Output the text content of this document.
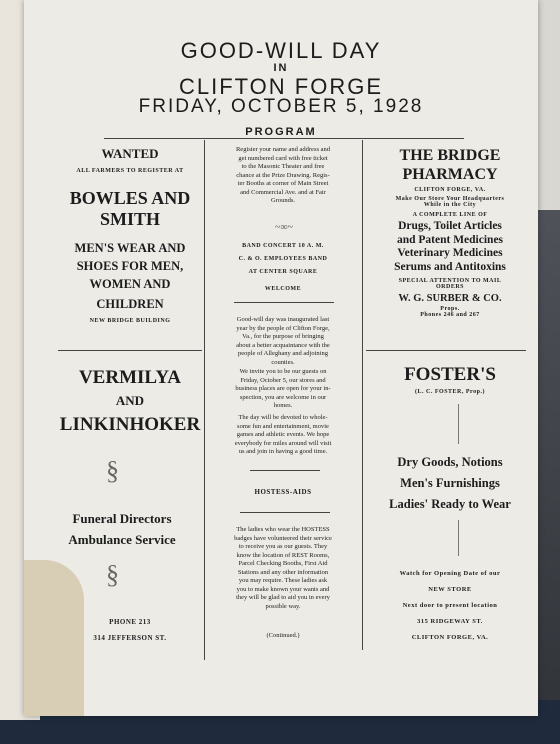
GOOD-WILL DAY
IN
CLIFTON FORGE
FRIDAY, OCTOBER 5, 1928
PROGRAM
WANTED
ALL FARMERS TO REGISTER AT
BOWLES AND
SMITH
MEN'S WEAR AND
SHOES FOR MEN,
WOMEN AND
CHILDREN
NEW BRIDGE BUILDING
VERMILYA
AND
LINKINHOKER
§
Funeral Directors
Ambulance Service
§
PHONE 213
314 JEFFERSON ST.
Register your name and address and
get numbered card with free ticket
to the Masonic Theater and free
chance at the Prize Drawing. Regis-
ter Booths at corner of Main Street
and Commercial Ave. and at Fair
Grounds.
~∞~
BAND CONCERT 10 A. M.
C. & O. EMPLOYEES BAND
AT CENTER SQUARE
WELCOME
Good-will day was inaugurated last
year by the people of Clifton Forge,
Va., for the purpose of bringing
about a better acquaintance with the
people of Alleghany and adjoining
counties.
We invite you to be our guests on
Friday, October 5, our stores and
business places are open for your in-
spection, you are welcome in our
homes.
The day will be devoted to whole-
some fun and entertainment, movie
games and athletic events. We hope
everybody for miles around will visit
us and join in having a good time.
HOSTESS-AIDS
The ladies who wear the HOSTESS
badges have volunteered their service
to receive you as our guests. They
know the location of REST Rooms,
Parcel Checking Booths, First Aid
Stations and any other information
you may require. These ladies ask
you to make known your wants and
they will be glad to aid you in every
possible way.
(Continued.)
THE BRIDGE
PHARMACY
CLIFTON FORGE, VA.
Make Our Store Your Headquarters
While in the City
A COMPLETE LINE OF
Drugs, Toilet Articles
and Patent Medicines
Veterinary Medicines
Serums and Antitoxins
SPECIAL ATTENTION TO MAIL
ORDERS
W. G. SURBER & CO.
Props.
Phones 246 and 267
FOSTER'S
(L. C. FOSTER, Prop.)
Dry Goods, Notions
Men's Furnishings
Ladies' Ready to Wear
Watch for Opening Date of our
NEW STORE
Next door to present location
315 RIDGEWAY ST.
CLIFTON FORGE, VA.
